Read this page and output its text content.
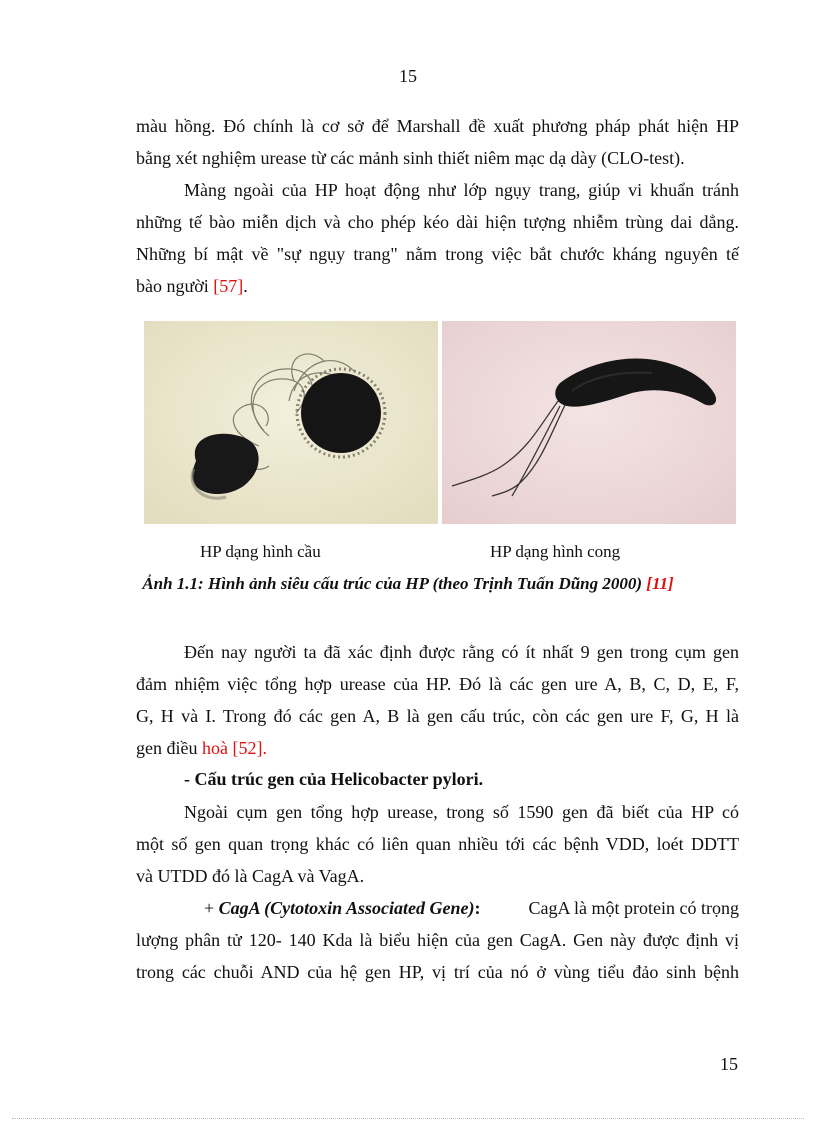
15
màu hồng. Đó chính là cơ sở để Marshall đề xuất phương pháp phát hiện HP
bằng xét nghiệm urease từ các mảnh sinh thiết niêm mạc dạ dày (CLO-test).
Màng ngoài của HP hoạt động như lớp ngụy trang, giúp vi khuẩn tránh
những tế bào miễn dịch và cho phép kéo dài hiện tượng nhiễm trùng dai dẳng.
Những bí mật về "sự ngụy trang" nằm trong việc bắt chước kháng nguyên tế
bào người [57].
HP dạng hình cầu	HP dạng hình cong
Ảnh 1.1: Hình ảnh siêu cấu trúc của HP (theo Trịnh Tuấn Dũng 2000) [11]
Đến nay người ta đã xác định được rằng có ít nhất 9 gen trong cụm gen
đảm nhiệm việc tổng hợp urease của HP. Đó là các gen ure A, B, C, D, E, F,
G, H và I. Trong đó các gen A, B là gen cấu trúc, còn các gen ure F, G, H là
gen điều hoà [52].
- Cấu trúc gen của Helicobacter pylori.
Ngoài cụm gen tổng hợp urease, trong số 1590 gen đã biết của HP có
một số gen quan trọng khác có liên quan nhiều tới các bệnh VDD, loét DDTT
và UTDD đó là CagA và VagA.
+ CagA (Cytotoxin Associated Gene): CagA là một protein có trọng
lượng phân tử 120- 140 Kda là biểu hiện của gen CagA. Gen này được định vị
trong các chuỗi AND của hệ gen HP, vị trí của nó ở vùng tiểu đảo sinh bệnh
15
